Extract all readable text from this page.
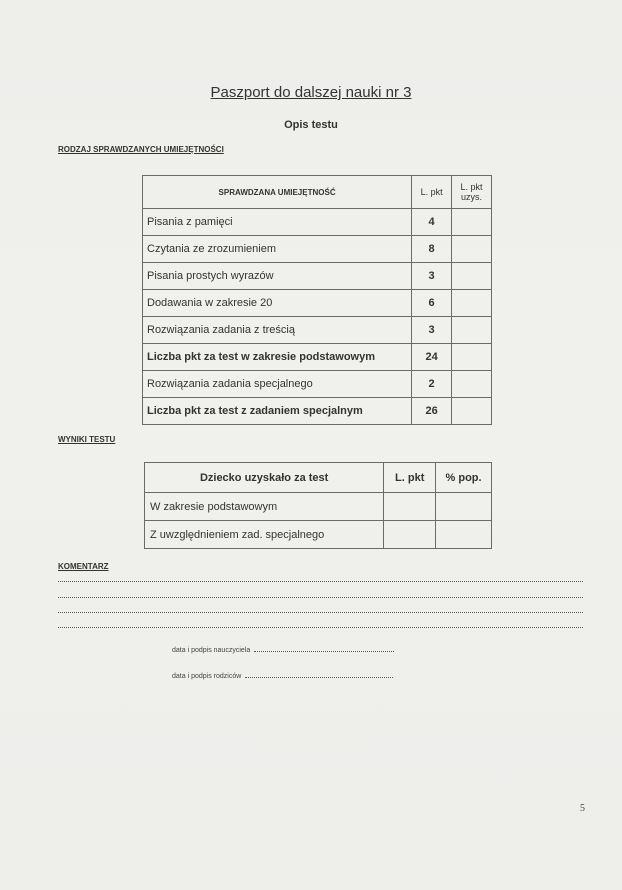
Paszport do dalszej nauki nr 3
Opis testu
RODZAJ SPRAWDZANYCH UMIEJĘTNOŚCI
SPRAWDZANA UMIEJĘTNOŚĆ	L. pkt	L. pkt uzys.
Pisania z pamięci	4	
Czytania ze zrozumieniem	8	
Pisania prostych wyrazów	3	
Dodawania w zakresie 20	6	
Rozwiązania zadania z treścią	3	
Liczba pkt za test w zakresie podstawowym	24	
Rozwiązania zadania specjalnego	2	
Liczba pkt za test z zadaniem specjalnym	26	
WYNIKI TESTU
Dziecko uzyskało za test	L. pkt	% pop.
W zakresie podstawowym		
Z uwzględnieniem zad. specjalnego		
KOMENTARZ
data i podpis nauczyciela
data i podpis rodziców
5
